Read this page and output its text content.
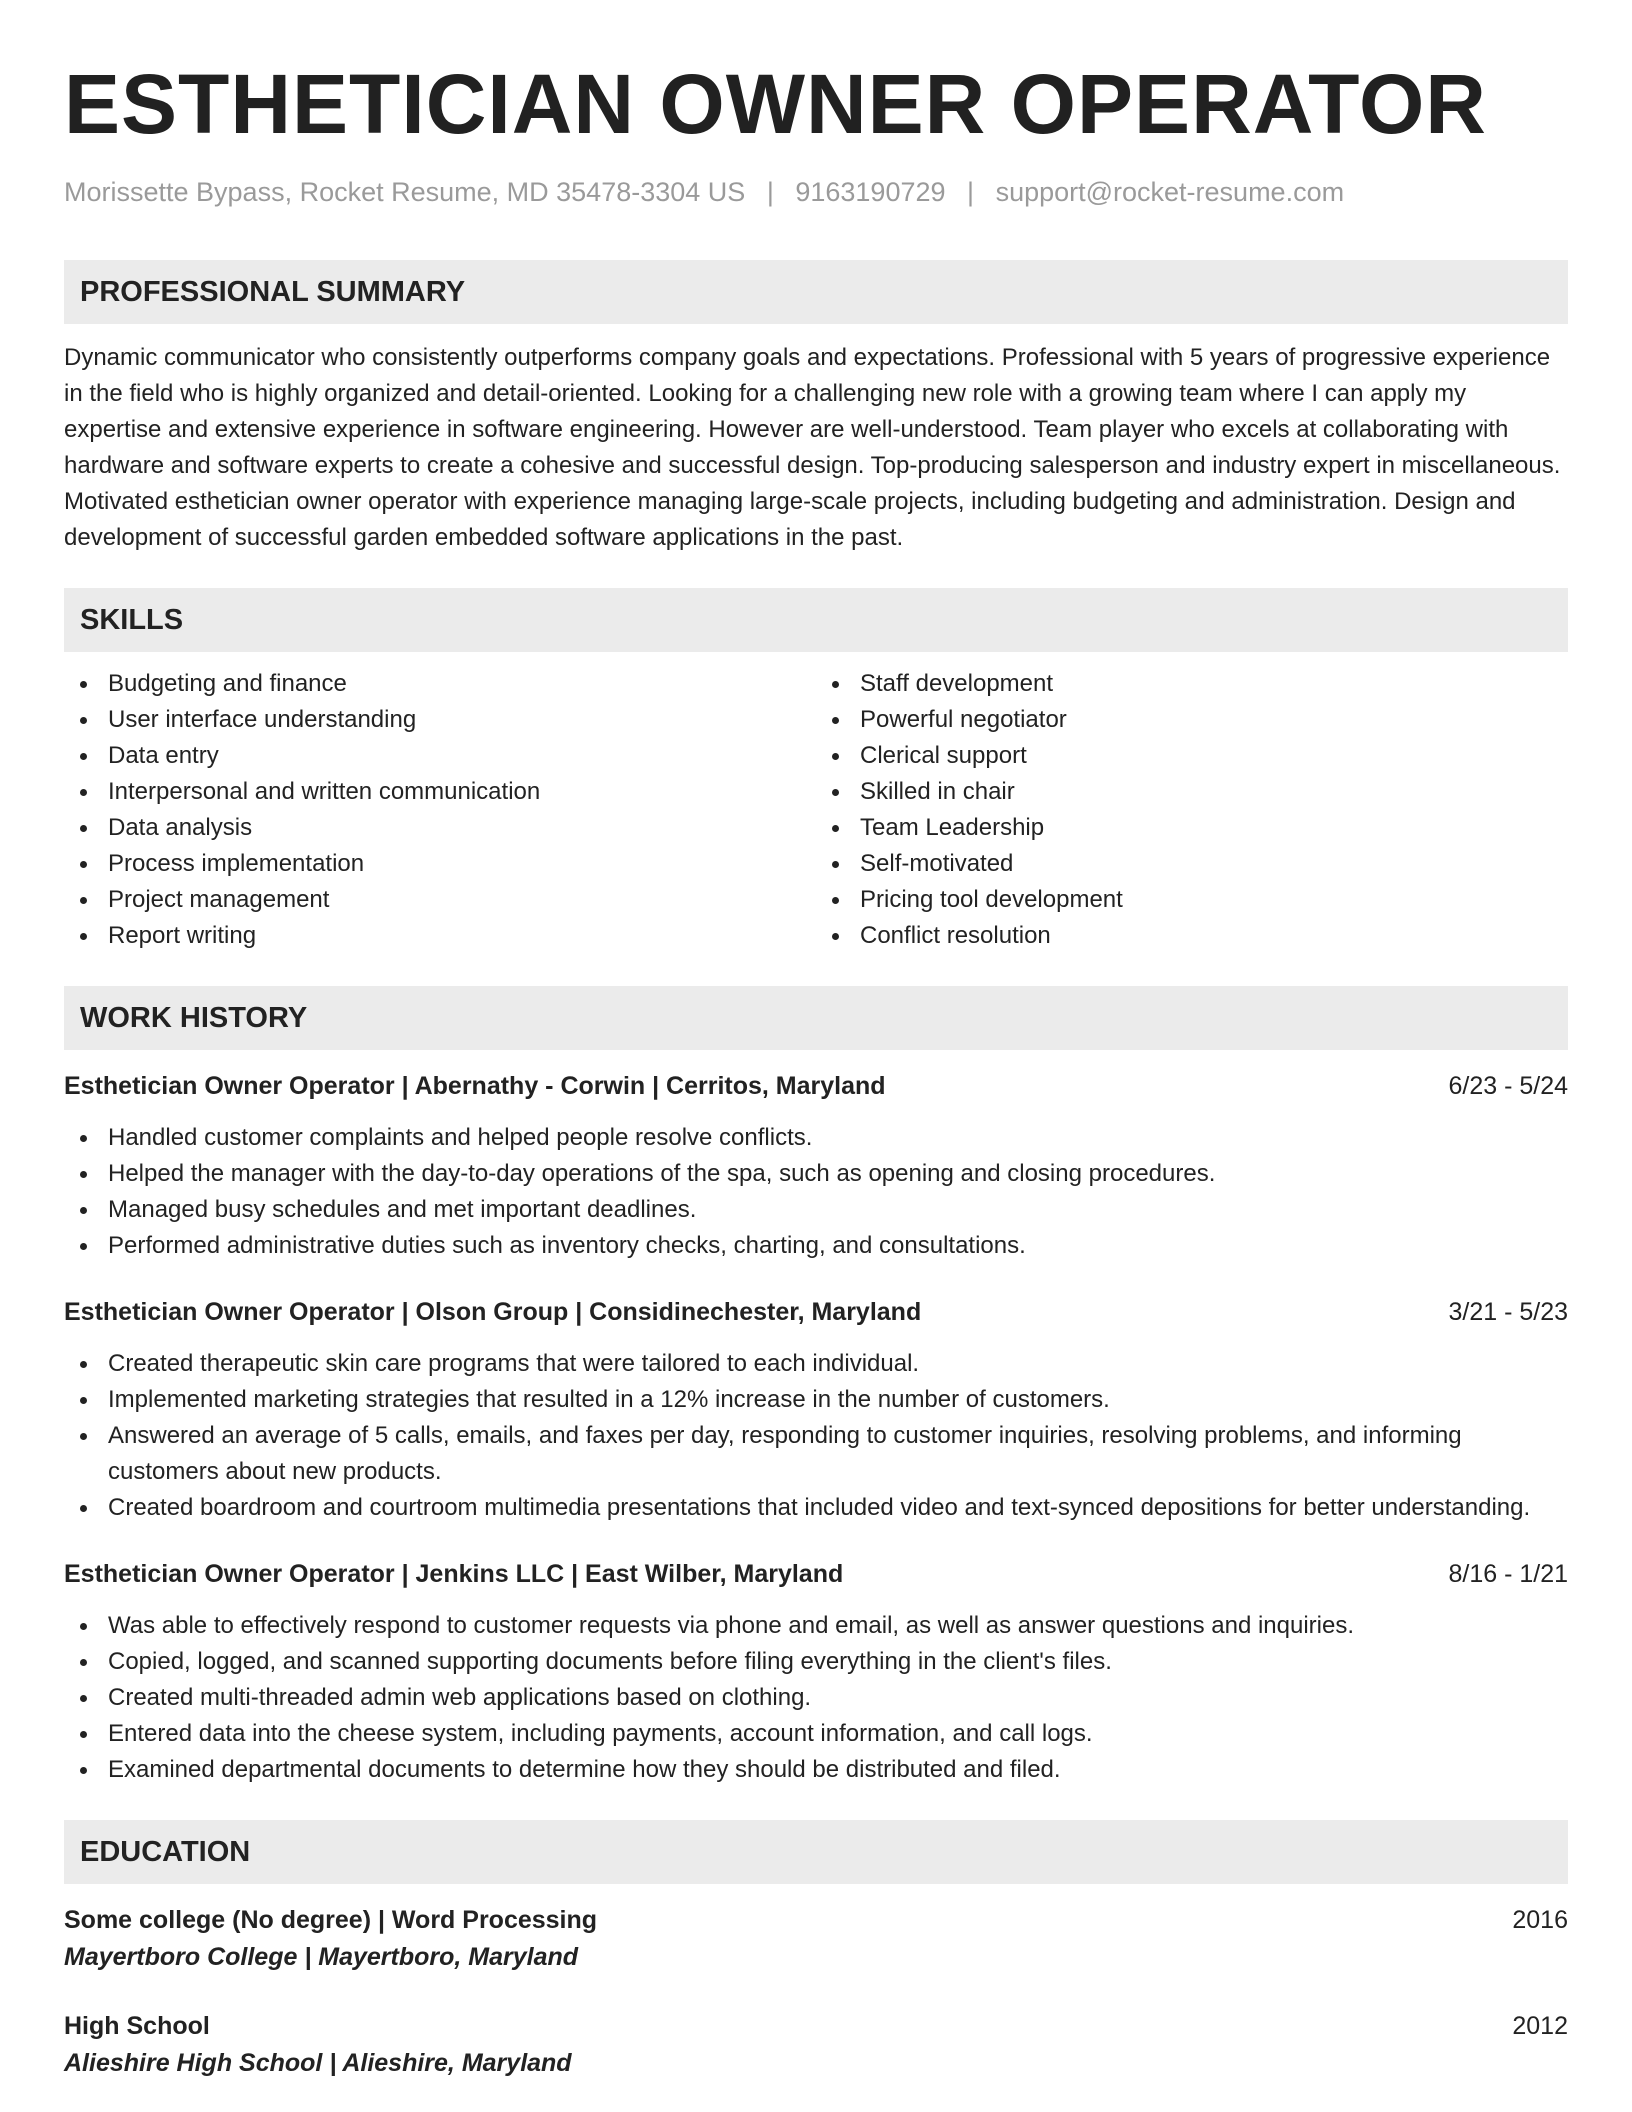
ESTHETICIAN OWNER OPERATOR
Morissette Bypass, Rocket Resume, MD 35478-3304 US | 9163190729 | support@rocket-resume.com
PROFESSIONAL SUMMARY

Dynamic communicator who consistently outperforms company goals and expectations. Professional with 5 years of progressive experience in the field who is highly organized and detail-oriented. Looking for a challenging new role with a growing team where I can apply my expertise and extensive experience in software engineering. However are well-understood. Team player who excels at collaborating with hardware and software experts to create a cohesive and successful design. Top-producing salesperson and industry expert in miscellaneous. Motivated esthetician owner operator with experience managing large-scale projects, including budgeting and administration. Design and development of successful garden embedded software applications in the past.

SKILLS
Budgeting and finance
User interface understanding
Data entry
Interpersonal and written communication
Data analysis
Process implementation
Project management
Report writing
Staff development
Powerful negotiator
Clerical support
Skilled in chair
Team Leadership
Self-motivated
Pricing tool development
Conflict resolution
WORK HISTORY
Esthetician Owner Operator | Abernathy - Corwin | Cerritos, Maryland	6/23 - 5/24
Handled customer complaints and helped people resolve conflicts.
Helped the manager with the day-to-day operations of the spa, such as opening and closing procedures.
Managed busy schedules and met important deadlines.
Performed administrative duties such as inventory checks, charting, and consultations.
Esthetician Owner Operator | Olson Group | Considinechester, Maryland	3/21 - 5/23
Created therapeutic skin care programs that were tailored to each individual.
Implemented marketing strategies that resulted in a 12% increase in the number of customers.
Answered an average of 5 calls, emails, and faxes per day, responding to customer inquiries, resolving problems, and informing customers about new products.
Created boardroom and courtroom multimedia presentations that included video and text-synced depositions for better understanding.
Esthetician Owner Operator | Jenkins LLC | East Wilber, Maryland	8/16 - 1/21
Was able to effectively respond to customer requests via phone and email, as well as answer questions and inquiries.
Copied, logged, and scanned supporting documents before filing everything in the client's files.
Created multi-threaded admin web applications based on clothing.
Entered data into the cheese system, including payments, account information, and call logs.
Examined departmental documents to determine how they should be distributed and filed.
EDUCATION
Some college (No degree) | Word Processing	2016
Mayertboro College | Mayertboro, Maryland
High School	2012
Alieshire High School | Alieshire, Maryland
